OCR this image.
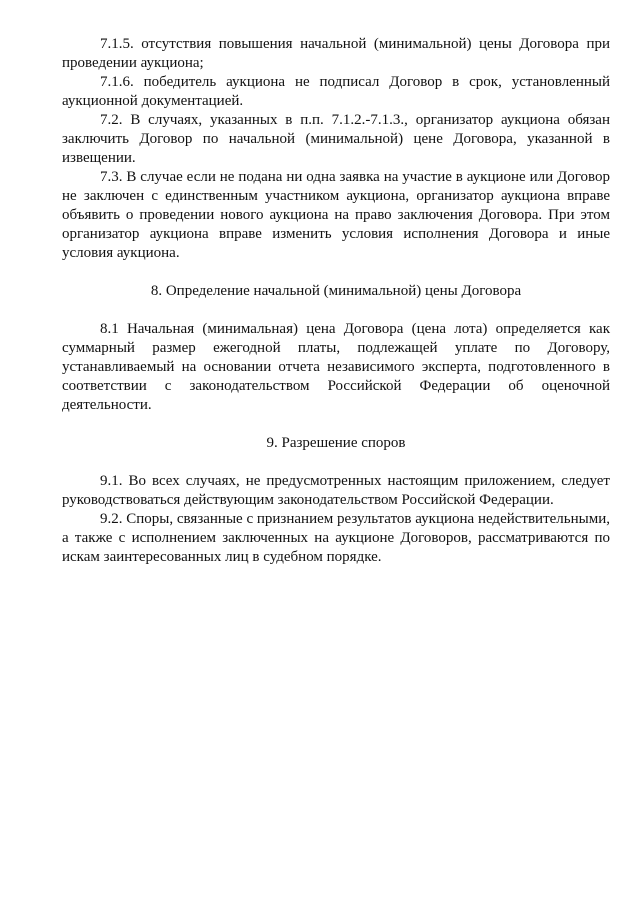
7.1.5. отсутствия повышения начальной (минимальной) цены Договора при проведении аукциона;

7.1.6. победитель аукциона не подписал Договор в срок, установленный аукционной документацией.

7.2. В случаях, указанных в п.п. 7.1.2.-7.1.3., организатор аукциона обязан заключить Договор по начальной (минимальной) цене Договора, указанной в извещении.

7.3. В случае если не подана ни одна заявка на участие в аукционе или Договор не заключен с единственным участником аукциона, организатор аукциона вправе объявить о проведении нового аукциона на право заключения Договора. При этом организатор аукциона вправе изменить условия исполнения Договора и иные условия аукциона.

8. Определение начальной (минимальной) цены Договора

8.1 Начальная (минимальная) цена Договора (цена лота) определяется как суммарный размер ежегодной платы, подлежащей уплате по Договору, устанавливаемый на основании отчета независимого эксперта, подготовленного в соответствии с законодательством Российской Федерации об оценочной деятельности.

9. Разрешение споров

9.1. Во всех случаях, не предусмотренных настоящим приложением, следует руководствоваться действующим законодательством Российской Федерации.

9.2. Споры, связанные с признанием результатов аукциона недействительными, а также с исполнением заключенных на аукционе Договоров, рассматриваются по искам заинтересованных лиц в судебном порядке.
